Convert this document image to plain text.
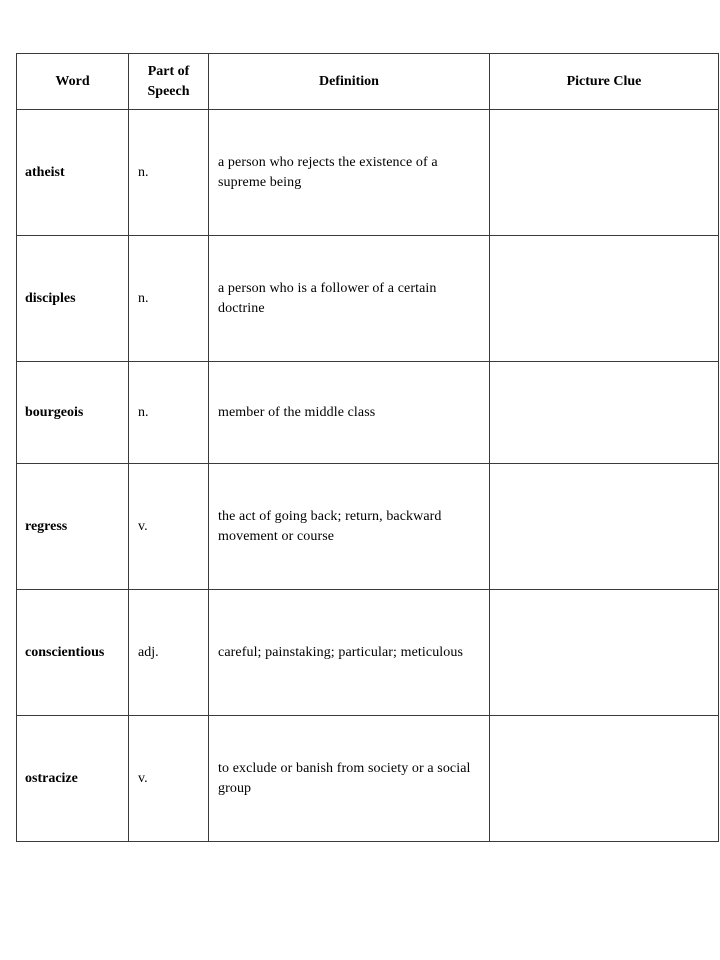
Word	Part of Speech	Definition	Picture Clue
atheist	n.	a person who rejects the existence of a supreme being	
disciples	n.	a person who is a follower of a certain doctrine	
bourgeois	n.	member of the middle class	
regress	v.	the act of going back; return, backward movement or course	
conscientious	adj.	careful; painstaking; particular; meticulous	
ostracize	v.	to exclude or banish from society or a social group	
